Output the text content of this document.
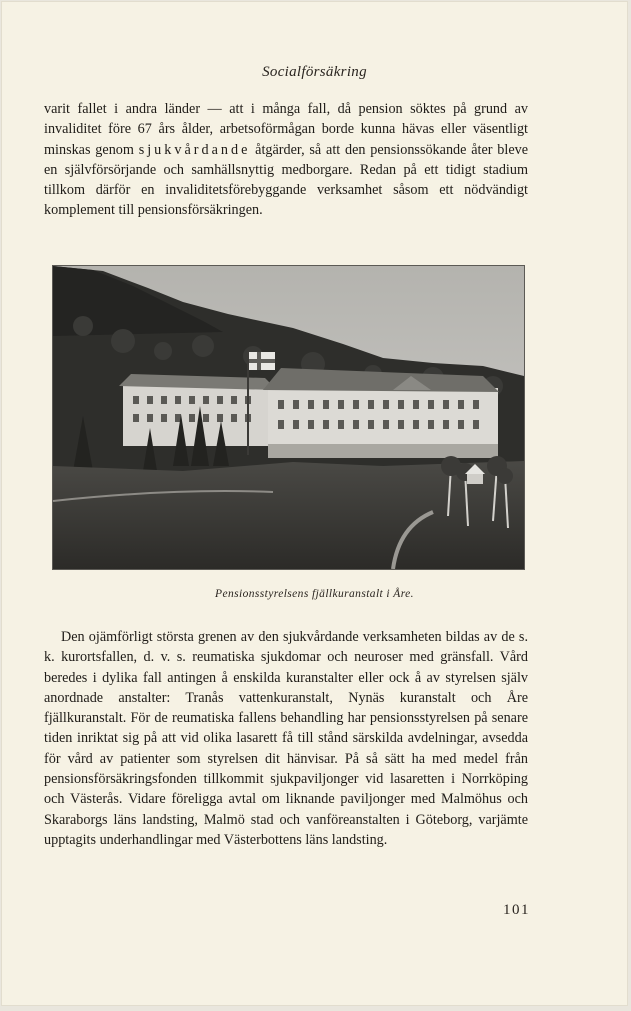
Socialförsäkring

varit fallet i andra länder — att i många fall, då pension söktes på grund av invaliditet före 67 års ålder, arbetsoförmågan borde kunna hävas eller väsentligt minskas genom sjukvårdande åtgärder, så att den pensionssökande åter bleve en självförsörjande och samhällsnyttig medborgare. Redan på ett tidigt stadium tillkom därför en invaliditetsförebyggande verksamhet såsom ett nödvändigt komplement till pensionsförsäkringen.

Pensionsstyrelsens fjällkuranstalt i Åre.

Den ojämförligt största grenen av den sjukvårdande verksamheten bildas av de s. k. kurortsfallen, d. v. s. reumatiska sjukdomar och neuroser med gränsfall. Vård beredes i dylika fall antingen å enskilda kuranstalter eller ock å av styrelsen själv anordnade anstalter: Tranås vattenkuranstalt, Nynäs kuranstalt och Åre fjällkuranstalt. För de reumatiska fallens behandling har pensionsstyrelsen på senare tiden inriktat sig på att vid olika lasarett få till stånd särskilda avdelningar, avsedda för vård av patienter som styrelsen dit hänvisar. På så sätt ha med medel från pensionsförsäkringsfonden tillkommit sjukpaviljonger vid lasaretten i Norrköping och Västerås. Vidare föreligga avtal om liknande paviljonger med Malmöhus och Skaraborgs läns landsting, Malmö stad och vanföreanstalten i Göteborg, varjämte upptagits underhandlingar med Västerbottens läns landsting.

101
